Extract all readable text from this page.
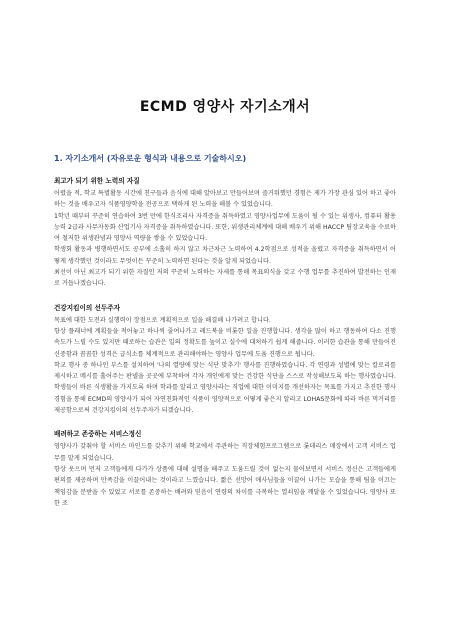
ECMD 영양사 자기소개서
1. 자기소개서 (자유로운 형식과 내용으로 기술하시오)
최고가 되기 위한 노력의 자질

어렸을 적, 학교 특별활동 시간에 친구들과 음식에 대해 알아보고 만들어보며 즐거워했던 경험은 제가 가장 관심 있어 하고 좋아하는 것을 배우고자 식품영양학을 전공으로 택하게 된 노력을 해볼 수 있었습니다.

1학년 때부터 꾸준히 연습하여 3번 만에 한식조리사 자격증을 취득하였고 영양사업무에 도움이 될 수 있는 위생사, 컴퓨터 활용능력 2급과 사무자동화 산업기사 자격증을 취득하였습니다. 또한, 위생관리체계에 대해 배우기 위해 HACCP 팀장교육을 수료하여 철저한 위생관념과 영양사 역량을 쌓을 수 있었습니다.

학생회 활동과 병행하면서도 공부에 소홀히 하지 않고 차근차근 노력하여 4.2학점으로 성적을 올렸고 자격증을 취득하면서 어떻게 생각했던 것이라도 무엇이든 꾸준히 노력하면 된다는 것을 알게 되었습니다.

최선이 아닌 최고가 되기 위한 자질인 저의 꾸준히 노력하는 자세를 통해 목표의식을 갖고 수행 업무를 추진하여 발전하는 인재로 거듭나겠습니다.

건강지킴이의 선두주자

목표에 대한 도전과 실행력이 장점으로 계획적으로 일을 해결해 나가려고 합니다.

항상 플래너에 계획들을 적어놓고 하나씩 줄여나가고 레드북을 비롯한 일을 진행합니다. 생각을 많이 하고 행동하여 다소 진행속도가 느릴 수도 있지만 때로하는 습관은 일의 정확도를 높이고 실수에 대처하기 쉽게 해줍니다. 이러한 습관을 통해 만들어진 신중함과 꼼꼼한 성격은 급식소를 체계적으로 관리해야하는 영양사 업무에 도움 진행으로 됩니다.

학교 행사 중 하나인 부스를 설치하여 '나의 열량에 맞는 식단 맞추기' 행사를 진행하였습니다. 각 연령과 성별에 맞는 칼로리를 제시하고 메시를 훌어주는 판넬을 곳곳에 부착하여 각자 개인에게 맞는 건강한 식단을 스스로 작성해보도록 하는 행사였습니다. 학생들이 바른 식생활을 가지도록 하며 학과를 알리고 영양사라는 직업에 대한 이미지를 개선하자는 목표를 가지고 추진한 행사 경험을 통해 ECMD의 영양사가 되어 자연친화적인 식품이 영양적으로 어떻게 좋은지 알리고 LOHAS문화에 따라 바른 먹거리를 제공함으로써 건강지킴이의 선두주자가 되겠습니다.

배려하고 존중하는 서비스정신

영양사가 갖춰야 할 서비스 마인드를 갖추기 위해 학교에서 주관하는 직장체험프로그램으로 롯데리스 매장에서 고객 서비스 업무를 맡게 되었습니다.

항상 웃으며 먼저 고객들에게 다가가 상품에 대해 설명을 해주고 도움드릴 것이 없는지 물어보면서 서비스 정신은 고객들에게 편의를 제공하며 만족감을 이끌어내는 것이라고 느꼈습니다. 짧은 선망어 애사님들을 이끌어 나가는 모습을 통해 팀을 이끄는 책임감을 분받을 수 있었고 서로를 존중하는 배려와 믿음이 연령의 차이를 극복하는 열쇠임을 깨달을 수 있었습니다. 영양사 또한 조
